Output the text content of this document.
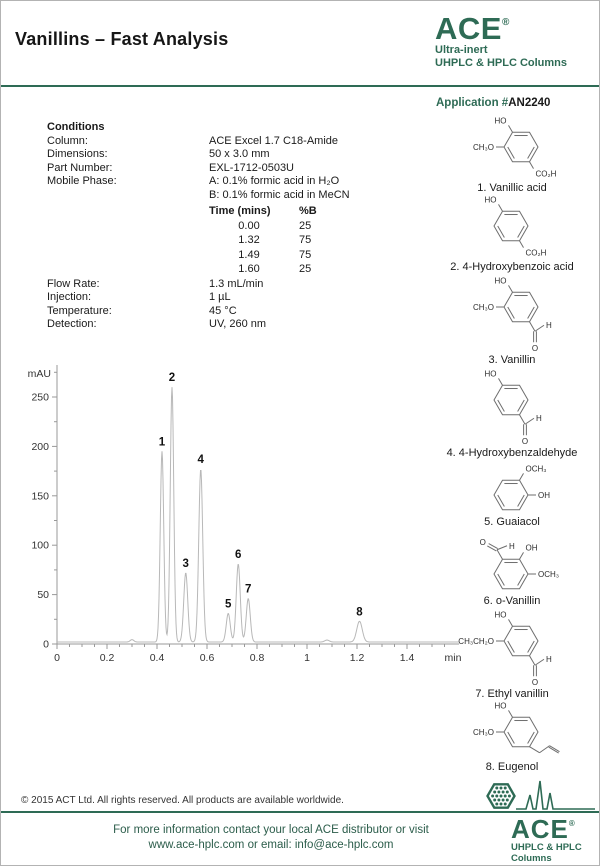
Vanillins – Fast Analysis	ACE®
Ultra-inert
UHPLC & HPLC Columns
Application #AN2240
Conditions
Column:	ACE Excel 1.7 C18-Amide
Dimensions:	50 x 3.0 mm
Part Number:	EXL-1712-0503U
Mobile Phase:	A: 0.1% formic acid in H₂O
B: 0.1% formic acid in MeCN
Time (mins)	%B
0.00	25
1.32	75
1.49	75
1.60	25
Flow Rate:	1.3 mL/min
Injection:	1 µL
Temperature:	45 °C
Detection:	UV, 260 nm
0
50
100
150
200
250
0	0.2	0.4	0.6	0.8	1	1.2	1.4
mAU
min
1
2
3
4
5
6
7
8
HO
CH₃O
CO₂H
1. Vanillic acid
HO
CO₂H
2. 4-Hydroxybenzoic acid
HO
CH₃O
H
O
3. Vanillin
HO
H
O
4. 4-Hydroxybenzaldehyde
OCH₃
OH
5. Guaiacol
H
O
OH
OCH₃
6. o-Vanillin
HO
CH₃CH₂O
H
O
7. Ethyl vanillin
HO
CH₃O
8. Eugenol
© 2015 ACT Ltd. All rights reserved. All products are available worldwide.
For more information contact your local ACE distributor or visit
www.ace-hplc.com or email: info@ace-hplc.com
ACE®
UHPLC & HPLC
Columns
